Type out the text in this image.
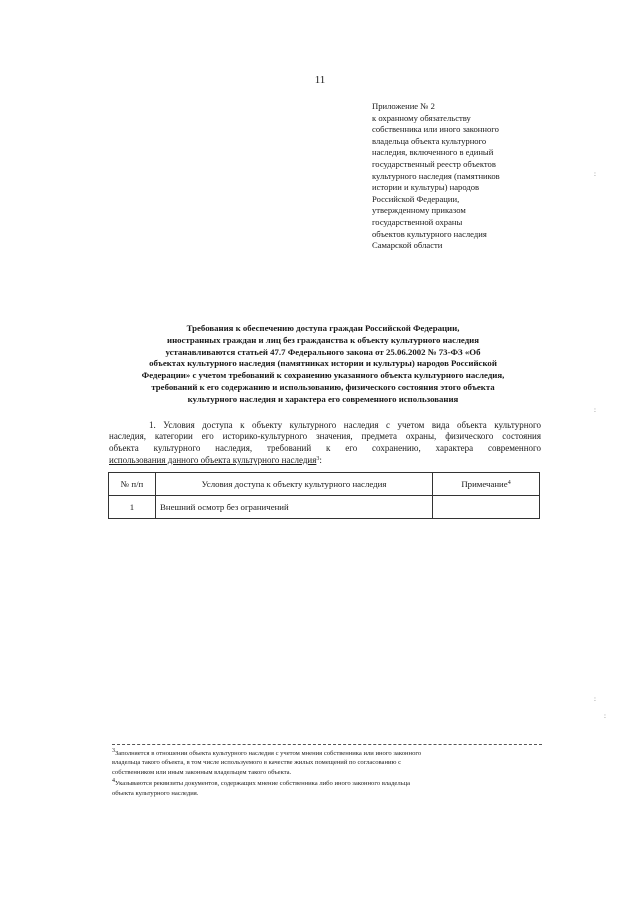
11
Приложение № 2
к охранному обязательству
собственника или иного законного
владельца объекта культурного
наследия, включенного в единый
государственный реестр объектов
культурного наследия (памятников
истории и культуры) народов
Российской Федерации,
утвержденному приказом
государственной охраны
объектов культурного наследия
Самарской области
Требования к обеспечению доступа граждан Российской Федерации,
иностранных граждан и лиц без гражданства к объекту культурного наследия
устанавливаются статьей 47.7 Федерального закона от 25.06.2002 № 73-ФЗ «Об
объектах культурного наследия (памятниках истории и культуры) народов Российской
Федерации» с учетом требований к сохранению указанного объекта культурного наследия,
требований к его содержанию и использованию, физического состояния этого объекта
культурного наследия и характера его современного использования
1. Условия доступа к объекту культурного наследия с учетом вида объекта культурного
наследия, категории его историко-культурного значения, предмета охраны, физического состояния
объекта культурного наследия, требований к его сохранению, характера современного
использования данного объекта культурного наследия$^3$:
№ п/п	Условия доступа к объекту культурного наследия	Примечание$^4$
1	Внешний осмотр без ограничений	
$^3$Заполняется в отношении объекта культурного наследия с учетом мнения собственника или иного законного
владельца такого объекта, в том числе используемого в качестве жилых помещений по согласованию с
собственником или иным законным владельцем такого объекта.
$^4$Указываются реквизиты документов, содержащих мнение собственника либо иного законного владельца
объекта культурного наследия.
:
:
:
:
